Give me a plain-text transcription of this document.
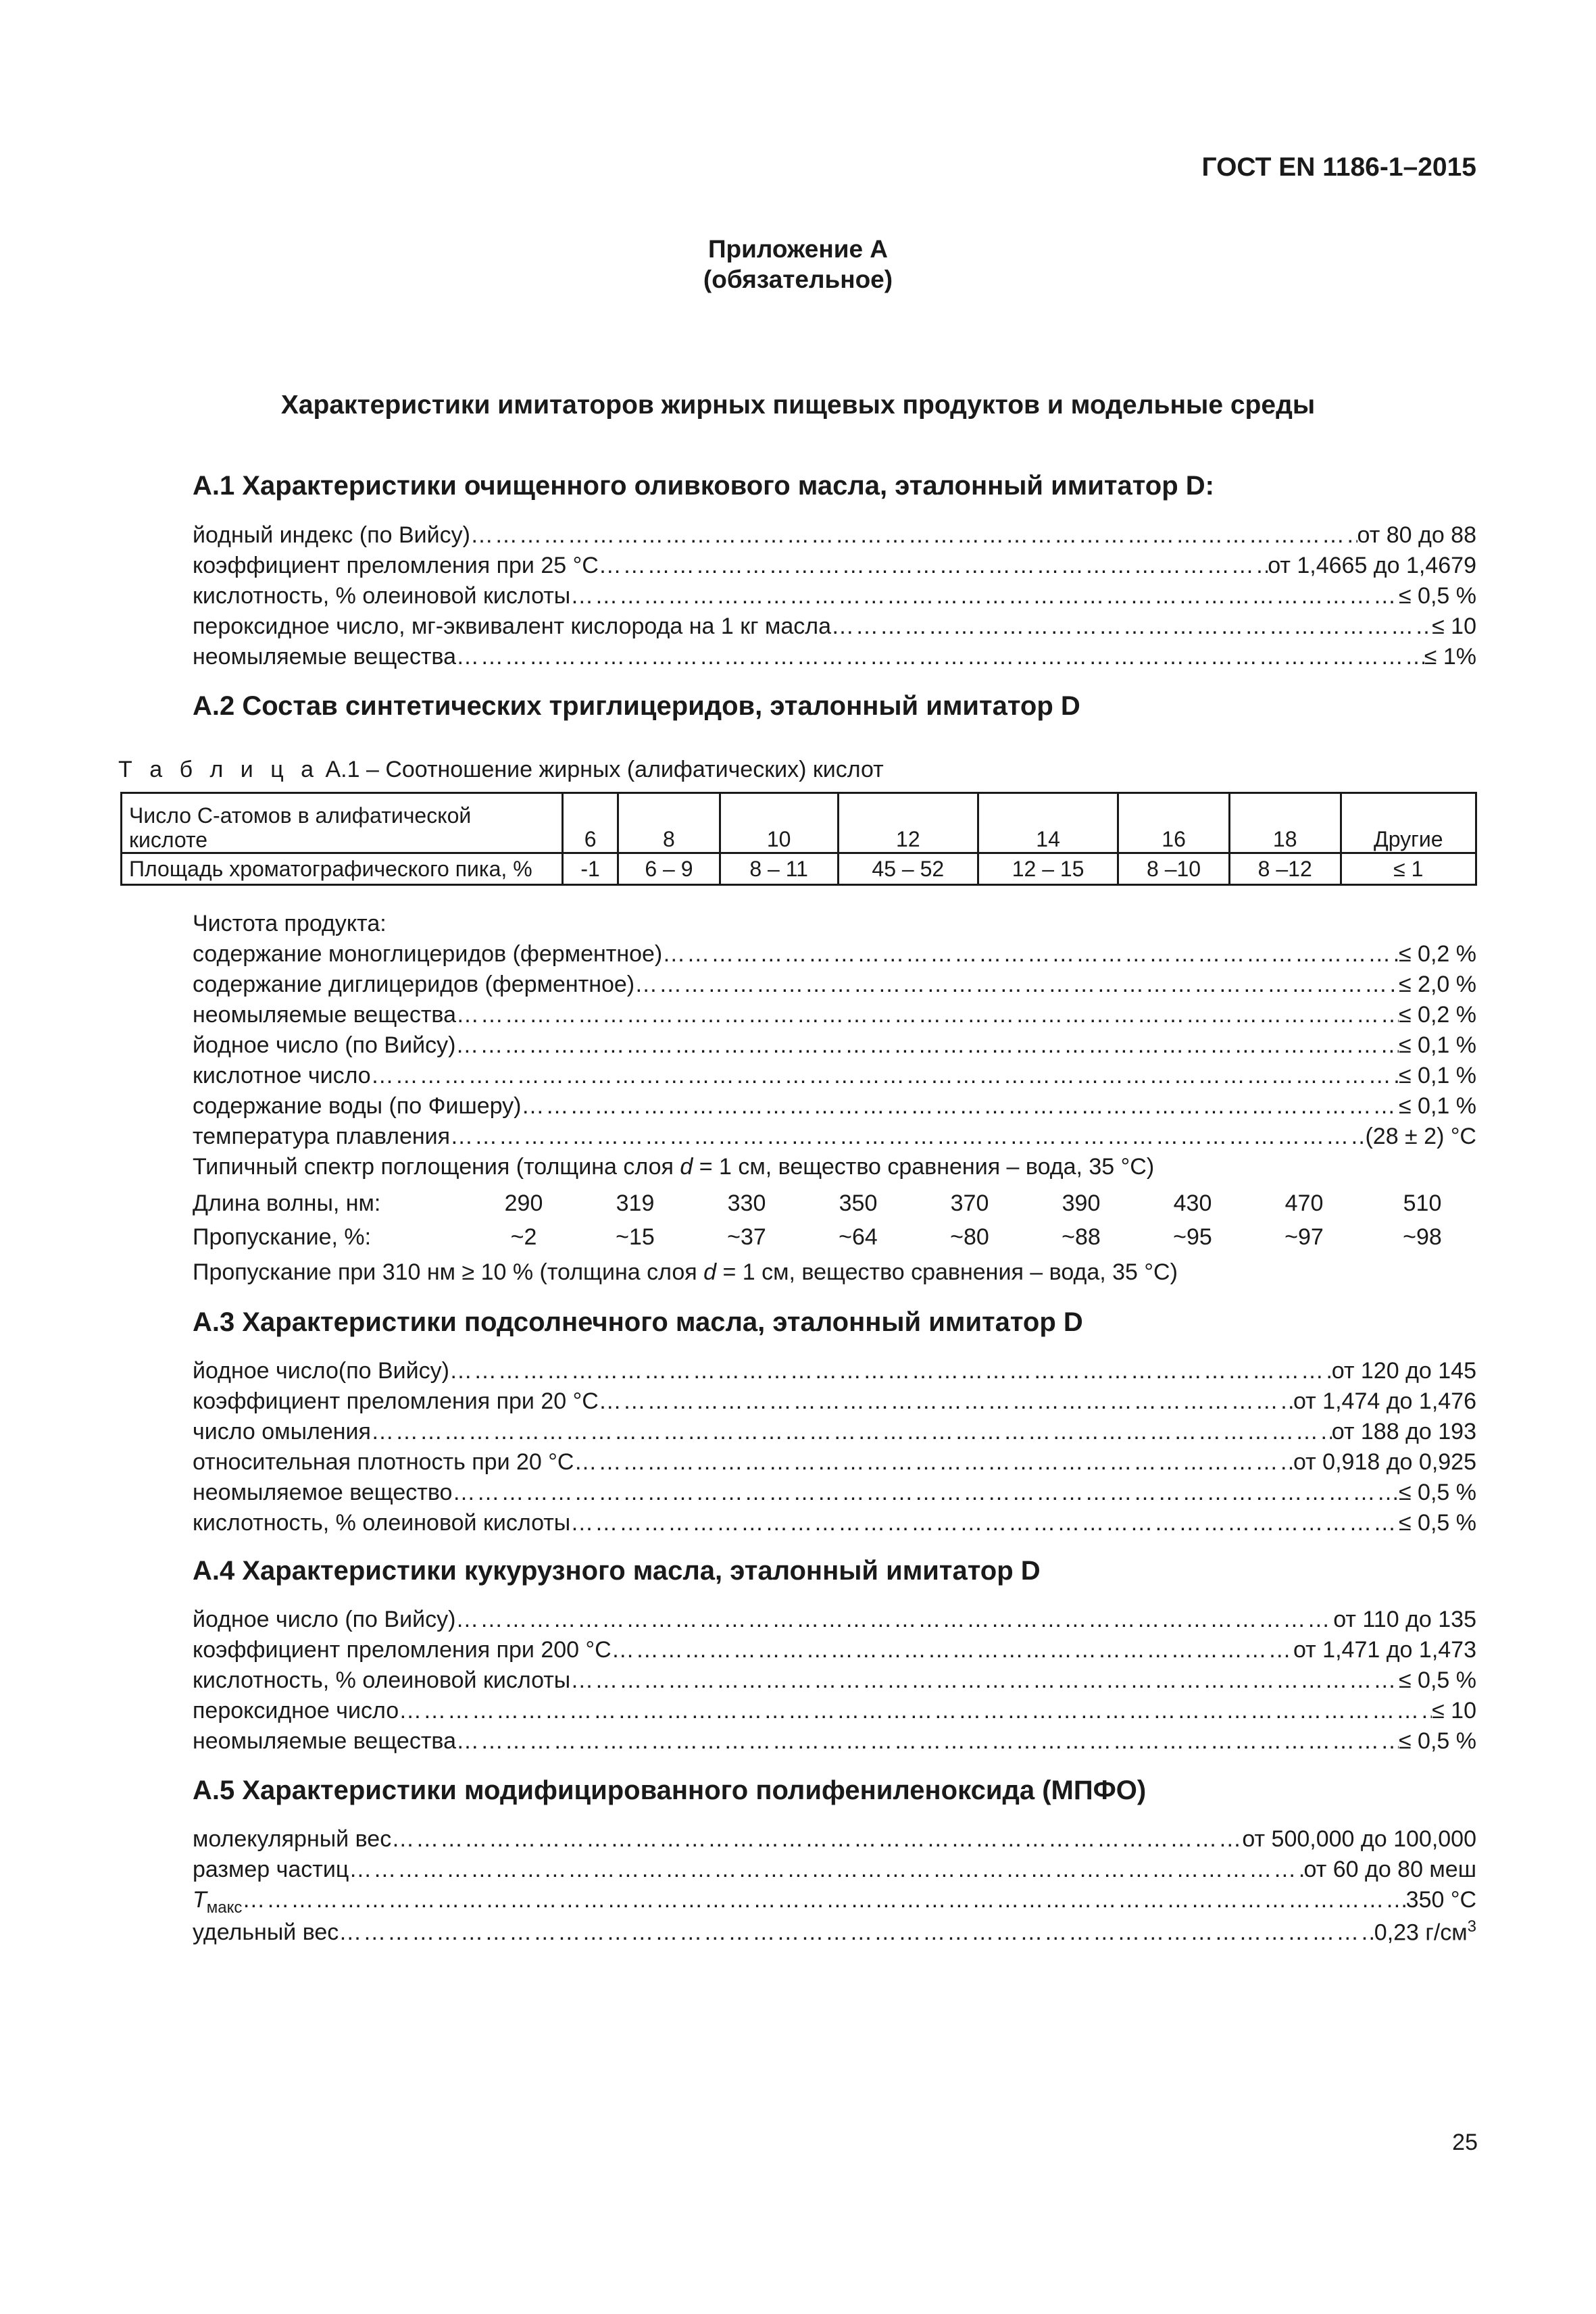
ГОСТ EN 1186-1–2015
Приложение А
(обязательное)
Характеристики имитаторов жирных пищевых продуктов и модельные среды
А.1 Характеристики очищенного оливкового масла, эталонный имитатор D:
йодный индекс (по Вийсу) ……………………………………………………………………………………………………………………………………………………………………………………………………………………………………………………………………………………	от 80 до 88
коэффициент преломления при 25 °С ……………………………………………………………………………………………………………………………………………………………………………………………………………………………………………………………………………………	от 1,4665 до 1,4679
кислотность, % олеиновой кислоты ……………………………………………………………………………………………………………………………………………………………………………………………………………………………………………………………………………………	≤ 0,5 %
пероксидное число, мг-эквивалент кислорода на 1 кг масла ……………………………………………………………………………………………………………………………………………………………………………………………………………………………………………………………………………………	≤ 10
неомыляемые вещества ……………………………………………………………………………………………………………………………………………………………………………………………………………………………………………………………………………………	≤ 1%
А.2 Состав синтетических триглицеридов, эталонный имитатор D
Т а б л и ц а А.1 – Соотношение жирных (алифатических) кислот
Число С-атомов в алифатической кислоте	6	8	10	12	14	16	18	Другие
Площадь хроматографического пика, %	-1	6 – 9	8 – 11	45 – 52	12 – 15	8 –10	8 –12	≤ 1
Чистота продукта:
содержание моноглицеридов (ферментное) ……………………………………………………………………………………………………………………………………………………………………………………………………………………………………………………………………………………	≤ 0,2 %
содержание диглицеридов (ферментное) ……………………………………………………………………………………………………………………………………………………………………………………………………………………………………………………………………………………	≤ 2,0 %
неомыляемые вещества ……………………………………………………………………………………………………………………………………………………………………………………………………………………………………………………………………………………	≤ 0,2 %
йодное число (по Вийсу) ……………………………………………………………………………………………………………………………………………………………………………………………………………………………………………………………………………………	≤ 0,1 %
кислотное число ……………………………………………………………………………………………………………………………………………………………………………………………………………………………………………………………………………………	≤ 0,1 %
содержание воды (по Фишеру) ……………………………………………………………………………………………………………………………………………………………………………………………………………………………………………………………………………………	≤ 0,1 %
температура плавления ……………………………………………………………………………………………………………………………………………………………………………………………………………………………………………………………………………………	(28 ± 2) °С
Типичный спектр поглощения (толщина слоя d = 1 см, вещество сравнения – вода, 35 °С)
Длина волны, нм:	290	319	330	350	370	390	430	470	510
Пропускание, %:	~2	~15	~37	~64	~80	~88	~95	~97	~98
Пропускание при 310 нм ≥ 10 % (толщина слоя d = 1 см, вещество сравнения – вода, 35 °С)
А.3 Характеристики подсолнечного масла, эталонный имитатор D
йодное число(по Вийсу) ……………………………………………………………………………………………………………………………………………………………………………………………………………………………………………………………………………………	от 120 до 145
коэффициент преломления при 20 °С ……………………………………………………………………………………………………………………………………………………………………………………………………………………………………………………………………………………	от 1,474 до 1,476
число омыления ……………………………………………………………………………………………………………………………………………………………………………………………………………………………………………………………………………………	от 188 до 193
относительная плотность при 20 °С ……………………………………………………………………………………………………………………………………………………………………………………………………………………………………………………………………………………	от 0,918 до 0,925
неомыляемое вещество ……………………………………………………………………………………………………………………………………………………………………………………………………………………………………………………………………………………	≤ 0,5 %
кислотность, % олеиновой кислоты ……………………………………………………………………………………………………………………………………………………………………………………………………………………………………………………………………………………	≤ 0,5 %
А.4 Характеристики кукурузного масла, эталонный имитатор D
йодное число (по Вийсу) ……………………………………………………………………………………………………………………………………………………………………………………………………………………………………………………………………………………	от 110 до 135
коэффициент преломления при 200 °С ……………………………………………………………………………………………………………………………………………………………………………………………………………………………………………………………………………………	от 1,471 до 1,473
кислотность, % олеиновой кислоты ……………………………………………………………………………………………………………………………………………………………………………………………………………………………………………………………………………………	≤ 0,5 %
пероксидное число ……………………………………………………………………………………………………………………………………………………………………………………………………………………………………………………………………………………	≤ 10
неомыляемые вещества ……………………………………………………………………………………………………………………………………………………………………………………………………………………………………………………………………………………	≤ 0,5 %
А.5 Характеристики модифицированного полифениленоксида (МПФО)
молекулярный вес ……………………………………………………………………………………………………………………………………………………………………………………………………………………………………………………………………………………	от 500,000 до 100,000
размер частиц ……………………………………………………………………………………………………………………………………………………………………………………………………………………………………………………………………………………	от 60 до 80 меш
$Т_{макс}$ ……………………………………………………………………………………………………………………………………………………………………………………………………………………………………………………………………………………	350 °С
удельный вес ……………………………………………………………………………………………………………………………………………………………………………………………………………………………………………………………………………………	0,23 $г/см^3$
25
